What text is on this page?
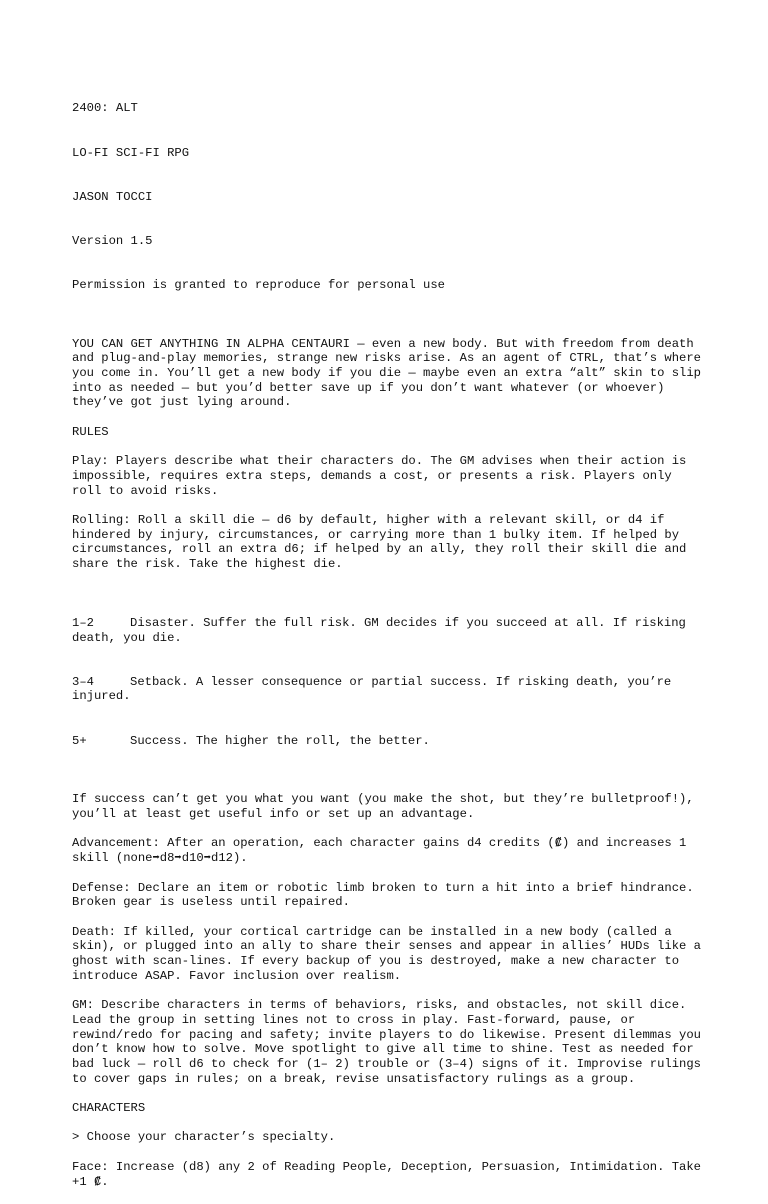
2400: ALT

LO-FI SCI-FI RPG

JASON TOCCI

Version 1.5

Permission is granted to reproduce for personal use

YOU CAN GET ANYTHING IN ALPHA CENTAURI — even a new body. But with freedom from death and plug-and-play memories, strange new risks arise. As an agent of CTRL, that’s where you come in. You’ll get a new body if you die — maybe even an extra “alt” skin to slip into as needed — but you’d better save up if you don’t want whatever (or whoever) they’ve got just lying around.

RULES

Play: Players describe what their characters do. The GM advises when their action is impossible, requires extra steps, demands a cost, or presents a risk. Players only roll to avoid risks.

Rolling: Roll a skill die — d6 by default, higher with a relevant skill, or d4 if hindered by injury, circumstances, or carrying more than 1 bulky item. If helped by circumstances, roll an extra d6; if helped by an ally, they roll their skill die and share the risk. Take the highest die.

1–2	Disaster. Suffer the full risk. GM decides if you succeed at all. If risking death, you die.

3–4	Setback. A lesser consequence or partial success. If risking death, you’re injured.

5+	Success. The higher the roll, the better.

If success can’t get you what you want (you make the shot, but they’re bulletproof!), you’ll at least get useful info or set up an advantage.

Advancement: After an operation, each character gains d4 credits (₡) and increases 1 skill (none➡d8➡d10➡d12).

Defense: Declare an item or robotic limb broken to turn a hit into a brief hindrance. Broken gear is useless until repaired.

Death: If killed, your cortical cartridge can be installed in a new body (called a skin), or plugged into an ally to share their senses and appear in allies’ HUDs like a ghost with scan-lines. If every backup of you is destroyed, make a new character to introduce ASAP. Favor inclusion over realism.

GM: Describe characters in terms of behaviors, risks, and obstacles, not skill dice. Lead the group in setting lines not to cross in play. Fast-forward, pause, or rewind/redo for pacing and safety; invite players to do likewise. Present dilemmas you don’t know how to solve. Move spotlight to give all time to shine. Test as needed for bad luck — roll d6 to check for (1– 2) trouble or (3–4) signs of it. Improvise rulings to cover gaps in rules; on a break, revise unsatisfactory rulings as a group.

CHARACTERS

> Choose your character’s specialty.

Face: Increase (d8) any 2 of Reading People, Deception, Persuasion, Intimidation. Take +1 ₡.
